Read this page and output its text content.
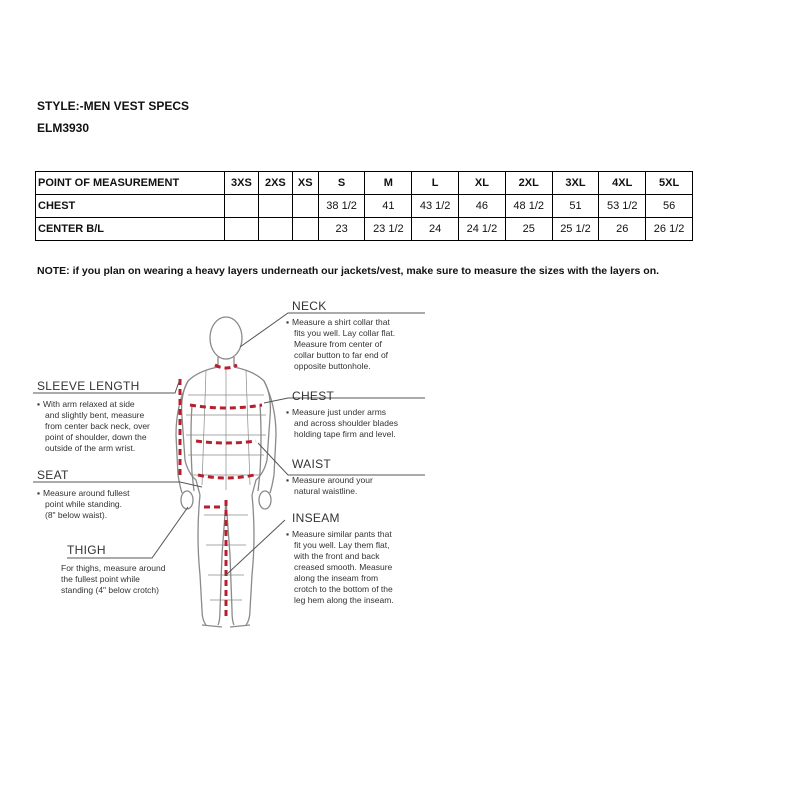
STYLE:-MEN VEST SPECS
ELM3930
POINT OF MEASUREMENT	3XS	2XS	XS	S	M	L	XL	2XL	3XL	4XL	5XL
CHEST				38 1/2	41	43 1/2	46	48 1/2	51	53 1/2	56
CENTER B/L				23	23 1/2	24	24 1/2	25	25 1/2	26	26 1/2
NOTE: if you plan on wearing a heavy layers underneath our jackets/vest, make sure to measure the sizes with the layers on.
NECK
▪ Measure a shirt collar that
fits you well. Lay collar flat.
Measure from center of
collar button to far end of
opposite buttonhole.
CHEST
▪ Measure just under arms
and across shoulder blades
holding tape firm and level.
WAIST
▪ Measure around your
natural waistline.
INSEAM
▪ Measure similar pants that
fit you well. Lay them flat,
with the front and back
creased smooth. Measure
along the inseam from
crotch to the bottom of the
leg hem along the inseam.
SLEEVE LENGTH
▪ With arm relaxed at side
and slightly bent, measure
from center back neck, over
point of shoulder, down the
outside of the arm wrist.
SEAT
▪ Measure around fullest
point while standing.
(8" below waist).
THIGH
For thighs, measure around
the fullest point while
standing (4" below crotch)
